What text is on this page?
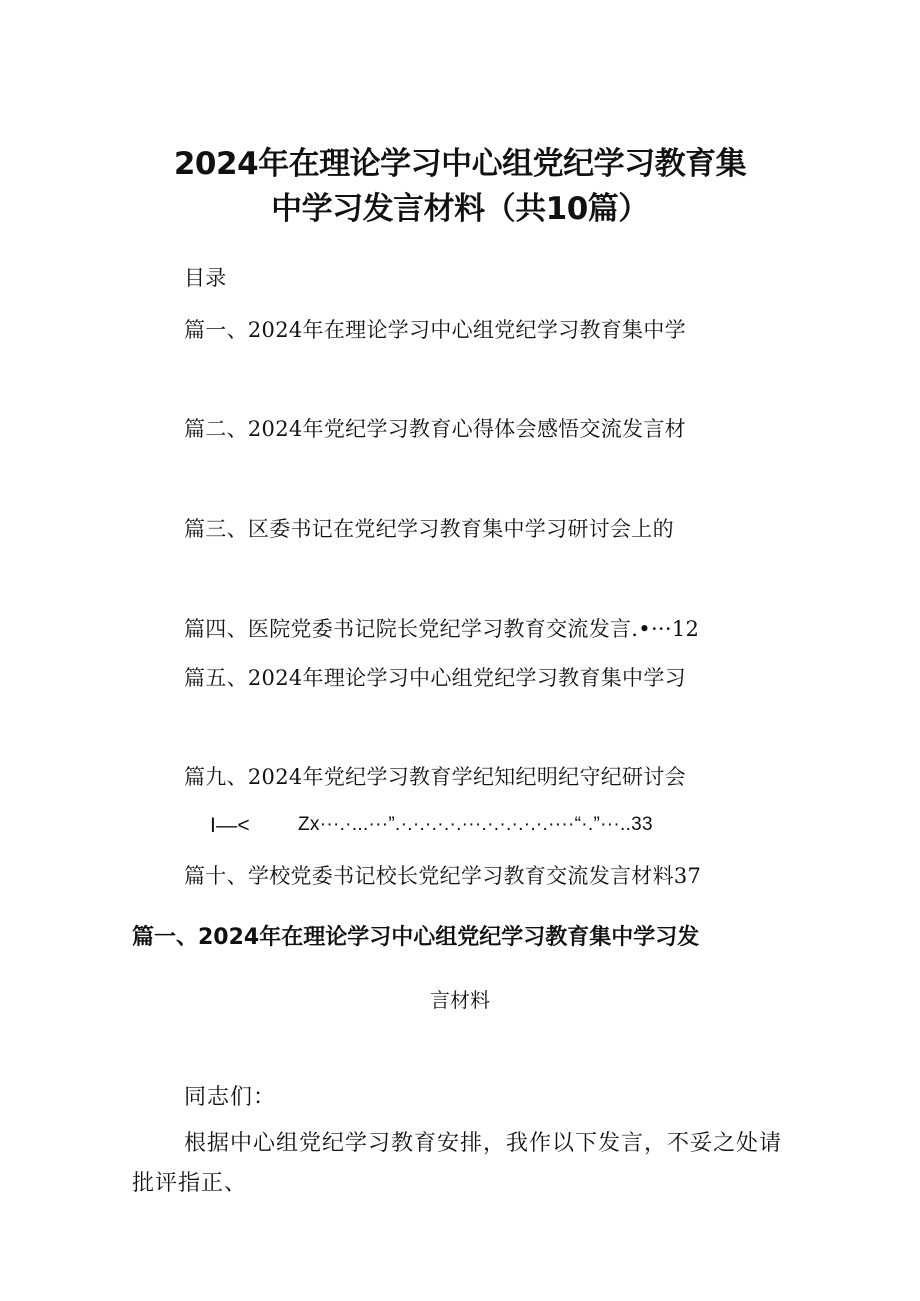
2024年在理论学习中心组党纪学习教育集
中学习发言材料（共10篇）
目录
篇一、2024年在理论学习中心组党纪学习教育集中学
篇二、2024年党纪学习教育心得体会感悟交流发言材
篇三、区委书记在党纪学习教育集中学习研讨会上的
篇四、医院党委书记院长党纪学习教育交流发言.•···12
篇五、2024年理论学习中心组党纪学习教育集中学习
篇九、2024年党纪学习教育学纪知纪明纪守纪研讨会
I—<	Zx···.·...···”.·.·.·.·.·.···.·.·.·.·.·.····“·.”···..33
篇十、学校党委书记校长党纪学习教育交流发言材料37
篇一、2024年在理论学习中心组党纪学习教育集中学习发
言材料
同志们：
根据中心组党纪学习教育安排，我作以下发言，不妥之处请
批评指正、
